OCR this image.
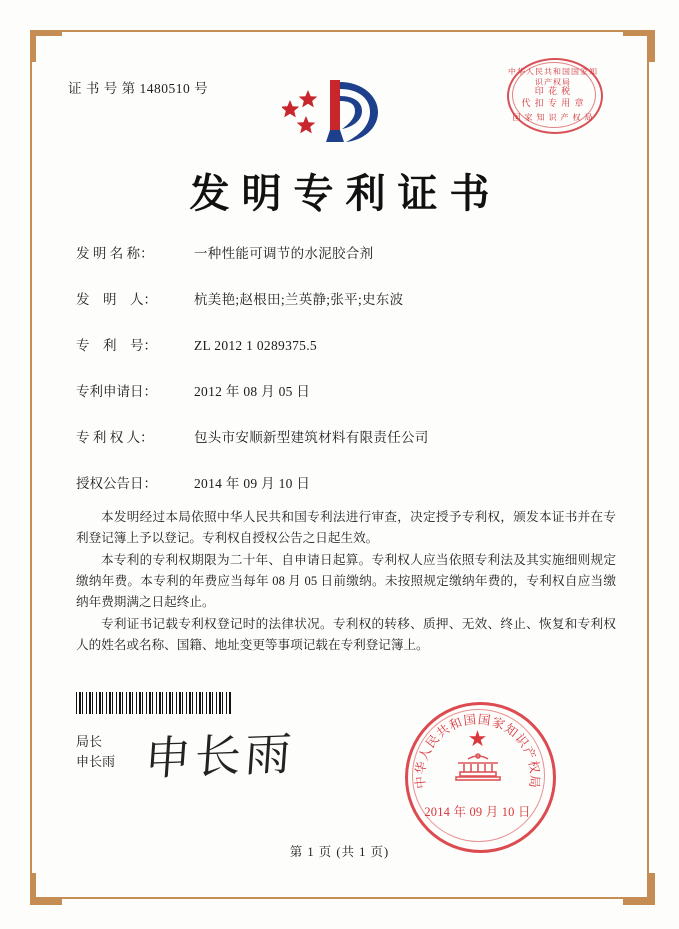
证 书 号 第 1480510 号
中华人民共和国国家知识产权局
印 花 税
代 扣 专 用 章
国 家 知 识 产 权 局
发明专利证书
发 明 名 称：	一种性能可调节的水泥胶合剂
发　明　人：	杭美艳;赵根田;兰英静;张平;史东波
专　利　号：	ZL 2012 1 0289375.5
专利申请日：	2012 年 08 月 05 日
专 利 权 人：	包头市安顺新型建筑材料有限责任公司
授权公告日：	2014 年 09 月 10 日

本发明经过本局依照中华人民共和国专利法进行审查，决定授予专利权，颁发本证书并在专利登记簿上予以登记。专利权自授权公告之日起生效。

本专利的专利权期限为二十年、自申请日起算。专利权人应当依照专利法及其实施细则规定缴纳年费。本专利的年费应当每年 08 月 05 日前缴纳。未按照规定缴纳年费的，专利权自应当缴纳年费期满之日起终止。

专利证书记载专利权登记时的法律状况。专利权的转移、质押、无效、终止、恢复和专利权人的姓名或名称、国籍、地址变更等事项记载在专利登记簿上。

局长
申长雨 申长雨	中华人民共和国国家知识产权局
★
2014 年 09 月 10 日
第 1 页 (共 1 页)
